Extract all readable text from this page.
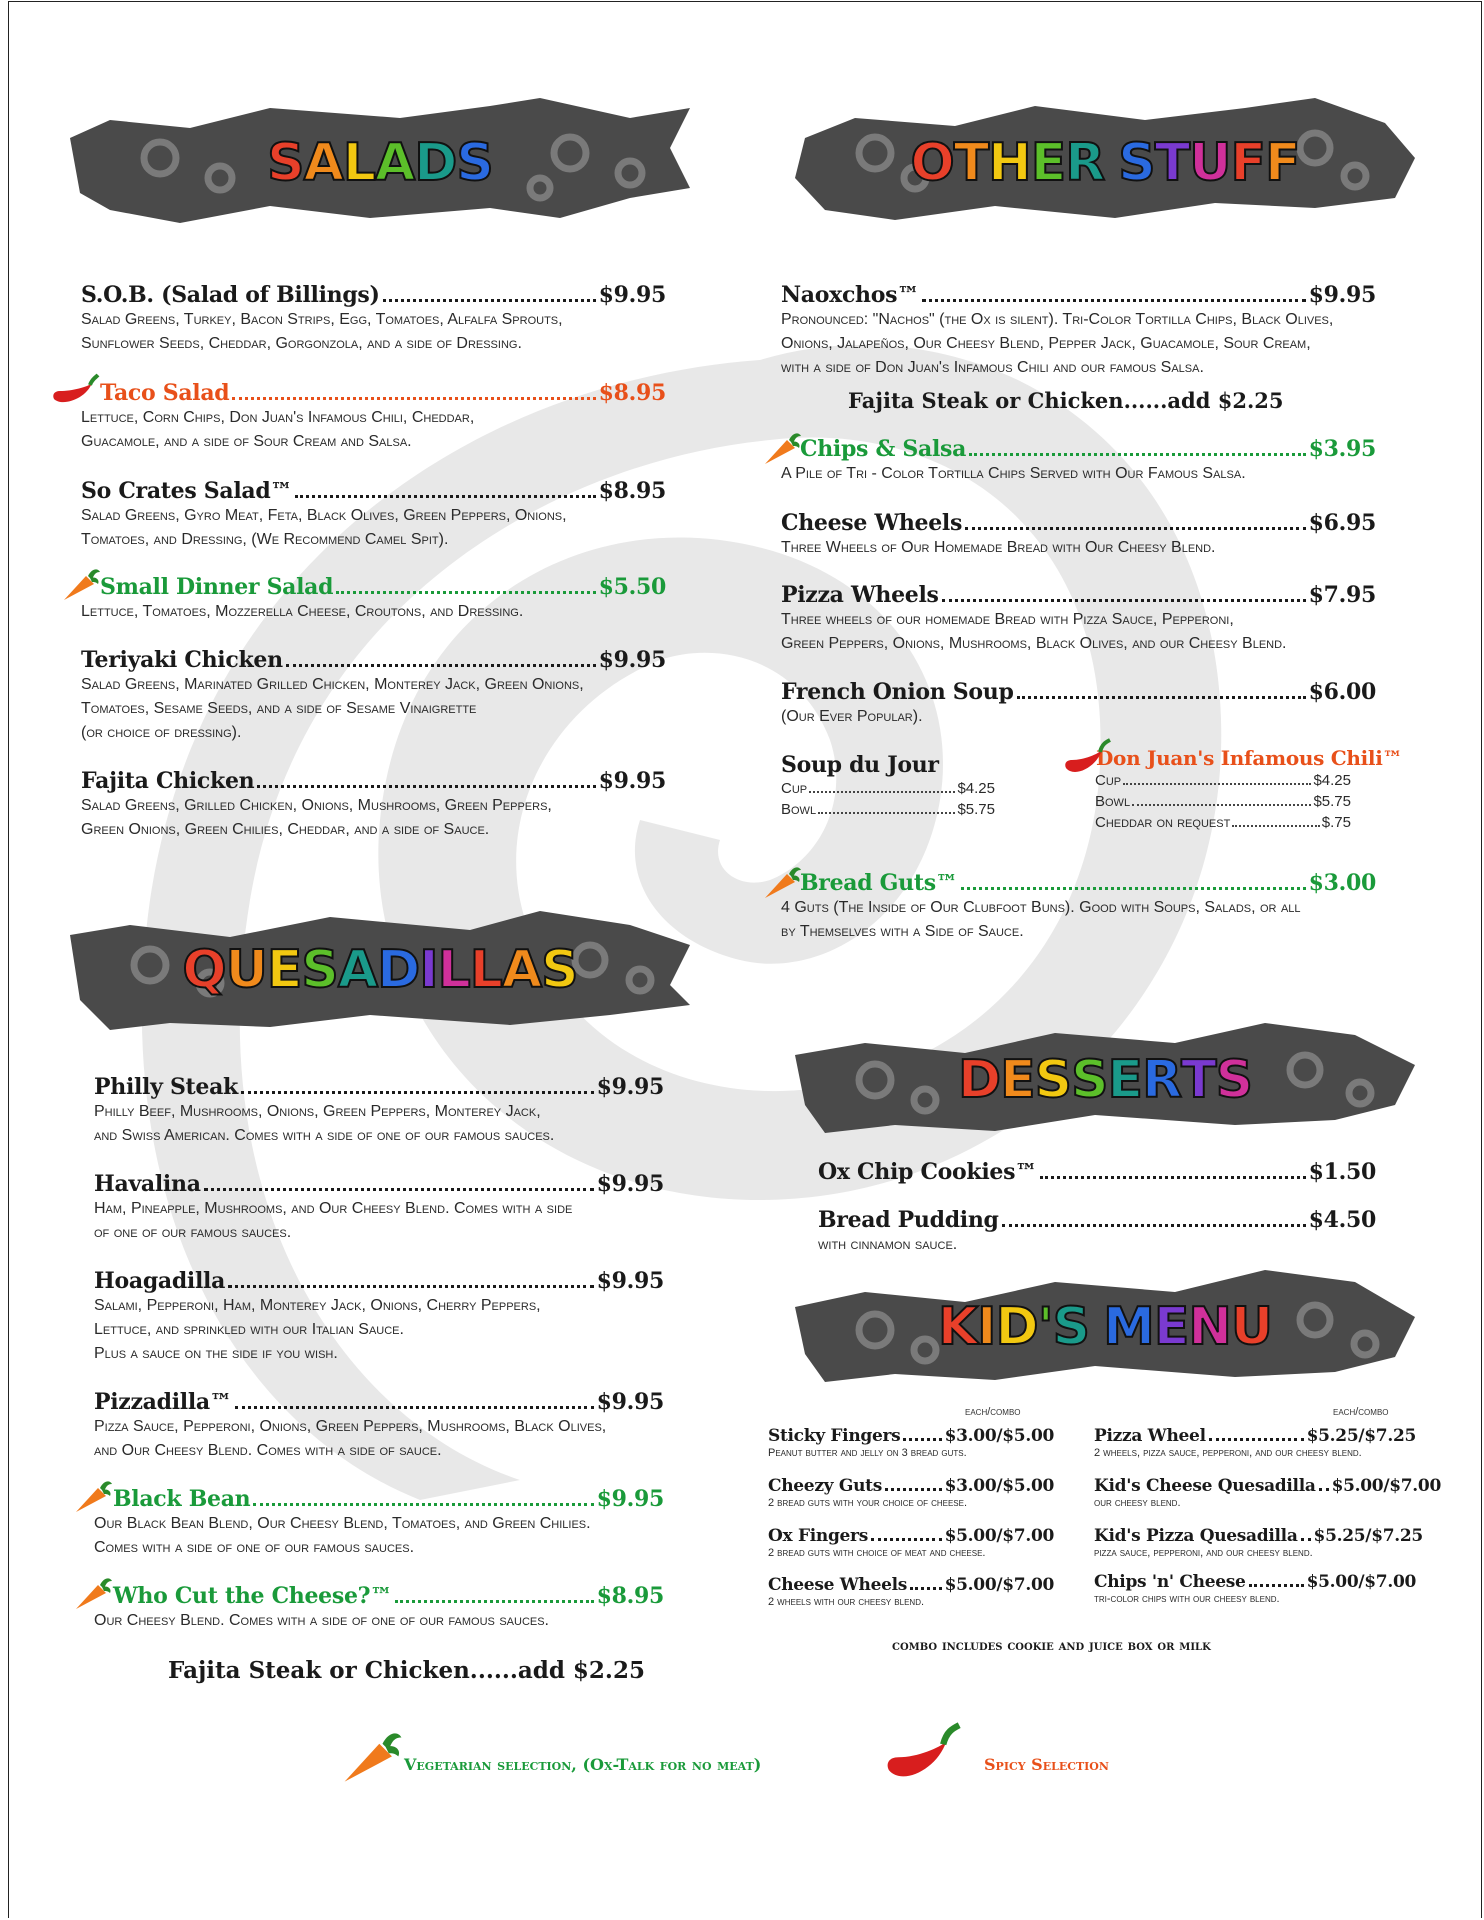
S A L A D S	O T H E R S T U F F
Q U E S A D I L L A S
D E S S E R T S
K I D ' S M E N U
S.O.B. (Salad of Billings)	$9.95
Salad Greens, Turkey, Bacon Strips, Egg, Tomatoes, Alfalfa Sprouts,
Sunflower Seeds, Cheddar, Gorgonzola, and a side of Dressing.
Taco Salad	$8.95
Lettuce, Corn Chips, Don Juan's Infamous Chili, Cheddar,
Guacamole, and a side of Sour Cream and Salsa.
So Crates Salad™	$8.95
Salad Greens, Gyro Meat, Feta, Black Olives, Green Peppers, Onions,
Tomatoes, and Dressing, (We Recommend Camel Spit).
Small Dinner Salad	$5.50
Lettuce, Tomatoes, Mozzerella Cheese, Croutons, and Dressing.
Teriyaki Chicken	$9.95
Salad Greens, Marinated Grilled Chicken, Monterey Jack, Green Onions,
Tomatoes, Sesame Seeds, and a side of Sesame Vinaigrette
(or choice of dressing).
Fajita Chicken	$9.95
Salad Greens, Grilled Chicken, Onions, Mushrooms, Green Peppers,
Green Onions, Green Chilies, Cheddar, and a side of Sauce.
Philly Steak	$9.95
Philly Beef, Mushrooms, Onions, Green Peppers, Monterey Jack,
and Swiss American. Comes with a side of one of our famous sauces.
Havalina	$9.95
Ham, Pineapple, Mushrooms, and Our Cheesy Blend. Comes with a side
of one of our famous sauces.
Hoagadilla	$9.95
Salami, Pepperoni, Ham, Monterey Jack, Onions, Cherry Peppers,
Lettuce, and sprinkled with our Italian Sauce.
Plus a sauce on the side if you wish.
Pizzadilla™	$9.95
Pizza Sauce, Pepperoni, Onions, Green Peppers, Mushrooms, Black Olives,
and Our Cheesy Blend. Comes with a side of sauce.
Black Bean	$9.95
Our Black Bean Blend, Our Cheesy Blend, Tomatoes, and Green Chilies.
Comes with a side of one of our famous sauces.
Who Cut the Cheese?™	$8.95
Our Cheesy Blend. Comes with a side of one of our famous sauces.
Fajita Steak or Chicken......add $2.25
Naoxchos™	$9.95
Pronounced: "Nachos" (the Ox is silent). Tri-Color Tortilla Chips, Black Olives,
Onions, Jalapeños, Our Cheesy Blend, Pepper Jack, Guacamole, Sour Cream,
with a side of Don Juan's Infamous Chili and our famous Salsa.
Fajita Steak or Chicken......add $2.25
Chips & Salsa	$3.95
A Pile of Tri - Color Tortilla Chips Served with Our Famous Salsa.
Cheese Wheels	$6.95
Three Wheels of Our Homemade Bread with Our Cheesy Blend.
Pizza Wheels	$7.95
Three wheels of our homemade Bread with Pizza Sauce, Pepperoni,
Green Peppers, Onions, Mushrooms, Black Olives, and our Cheesy Blend.
French Onion Soup	$6.00
(Our Ever Popular).
Soup du Jour
Cup	$4.25
Bowl	$5.75
Don Juan's Infamous Chili™
Cup	$4.25
Bowl	$5.75
Cheddar on request	$.75
Bread Guts™	$3.00
4 Guts (The Inside of Our Clubfoot Buns). Good with Soups, Salads, or all
by Themselves with a Side of Sauce.
Ox Chip Cookies™	$1.50
Bread Pudding	$4.50
with cinnamon sauce.
each/combo	each/combo
Sticky Fingers	$3.00/$5.00
Peanut butter and jelly on 3 bread guts.
Cheezy Guts	$3.00/$5.00
2 bread guts with your choice of cheese.
Ox Fingers	$5.00/$7.00
2 bread guts with choice of meat and cheese.
Cheese Wheels $5.00/$7.00
2 wheels with our cheesy blend.
Pizza Wheel	$5.25/$7.25
2 wheels, pizza sauce, pepperoni, and our cheesy blend.
Kid's Cheese Quesadilla $5.00/$7.00
our cheesy blend.
Kid's Pizza Quesadilla $5.25/$7.25
pizza sauce, pepperoni, and our cheesy blend.
Chips 'n' Cheese	$5.00/$7.00
tri-color chips with our cheesy blend.
combo includes cookie and juice box or milk
Vegetarian selection, (Ox-Talk for no meat)	Spicy Selection
